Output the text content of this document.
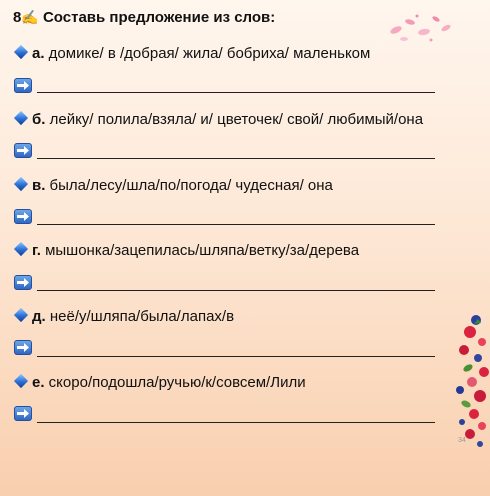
8✍ Составь предложение из слов:
а. домике/ в /добрая/ жила/ бобриха/ маленьком
б. лейку/ полила/взяла/ и/ цветочек/ свой/ любимый/она
в. была/лесу/шла/по/погода/ чудесная/ она
г. мышонка/зацепилась/шляпа/ветку/за/дерева
д. неё/у/шляпа/была/лапах/в
е. скоро/подошла/ручью/к/совсем/Лили
34
